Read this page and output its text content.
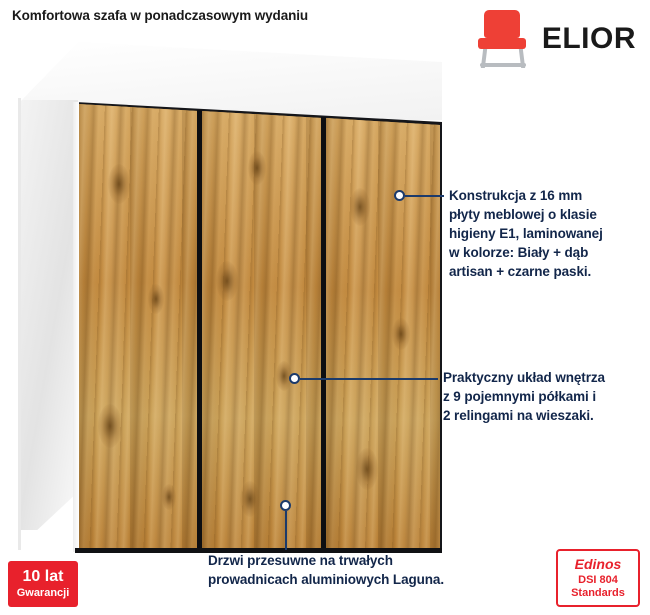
Komfortowa szafa w ponadczasowym wydaniu
ELIOR
Konstrukcja z 16 mm
płyty meblowej o klasie
higieny E1, laminowanej
w kolorze: Biały + dąb
artisan + czarne paski.
Praktyczny układ wnętrza
z 9 pojemnymi półkami i
2 relingami na wieszaki.
Drzwi przesuwne na trwałych
prowadnicach aluminiowych Laguna.
10 lat
Gwarancji
Edinos
DSI 804
Standards
